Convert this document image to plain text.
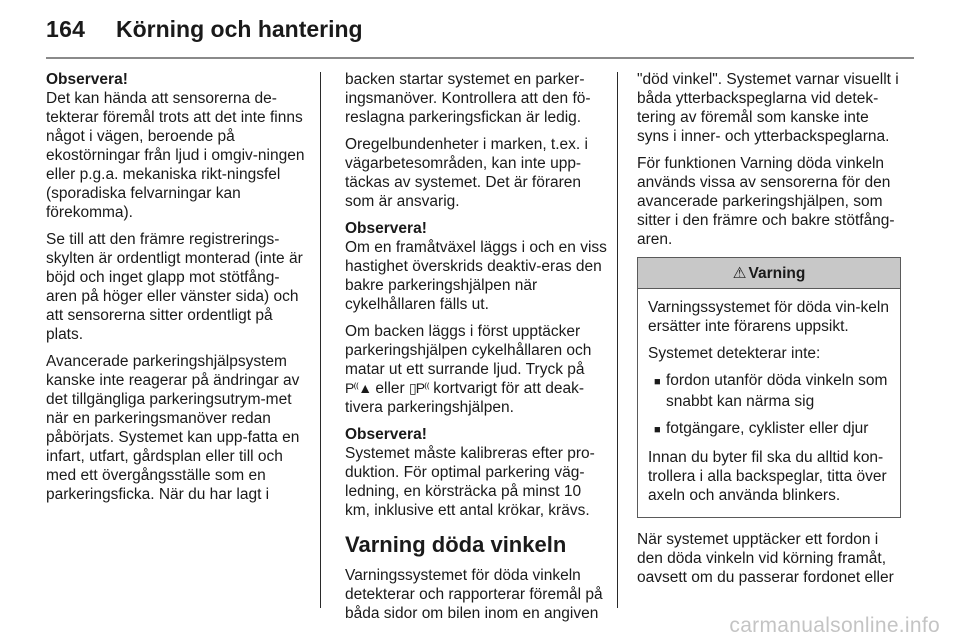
164 Körning och hantering

Observera!
Det kan hända att sensorerna de-tekterar föremål trots att det inte finns något i vägen, beroende på ekostörningar från ljud i omgiv-ningen eller p.g.a. mekaniska rikt-ningsfel (sporadiska felvarningar kan förekomma).

Se till att den främre registrerings-skylten är ordentligt monterad (inte är böjd och inget glapp mot stötfång-aren på höger eller vänster sida) och att sensorerna sitter ordentligt på plats.

Avancerade parkeringshjälpsystem kanske inte reagerar på ändringar av det tillgängliga parkeringsutrym-met när en parkeringsmanöver redan påbörjats. Systemet kan upp-fatta en infart, utfart, gårdsplan eller till och med ett övergångsställe som en parkeringsficka. När du har lagt i

backen startar systemet en parker-ingsmanöver. Kontrollera att den fö-reslagna parkeringsfickan är ledig.

Oregelbundenheter i marken, t.ex. i vägarbetesområden, kan inte upp-täckas av systemet. Det är föraren som är ansvarig.

Observera!
Om en framåtväxel läggs i och en viss hastighet överskrids deaktiv-eras den bakre parkeringshjälpen när cykelhållaren fälls ut.

Om backen läggs i först upptäcker parkeringshjälpen cykelhållaren och matar ut ett surrande ljud. Tryck på P⁽⁽▲ eller ▯P⁽⁽ kortvarigt för att deak-tivera parkeringshjälpen.

Observera!
Systemet måste kalibreras efter pro-duktion. För optimal parkering väg-ledning, en körsträcka på minst 10 km, inklusive ett antal krökar, krävs.

Varning döda vinkeln

Varningssystemet för döda vinkeln detekterar och rapporterar föremål på båda sidor om bilen inom en angiven

"död vinkel". Systemet varnar visuellt i båda ytterbackspeglarna vid detek-tering av föremål som kanske inte syns i inner- och ytterbackspeglarna.

För funktionen Varning döda vinkeln används vissa av sensorerna för den avancerade parkeringshjälpen, som sitter i den främre och bakre stötfång-aren.

⚠ Varning

Varningssystemet för döda vin-keln ersätter inte förarens uppsikt.

Systemet detekterar inte:

■ fordon utanför döda vinkeln som snabbt kan närma sig
■ fotgängare, cyklister eller djur

Innan du byter fil ska du alltid kon-trollera i alla backspeglar, titta över axeln och använda blinkers.

När systemet upptäcker ett fordon i den döda vinkeln vid körning framåt, oavsett om du passerar fordonet eller

carmanualsonline.info
